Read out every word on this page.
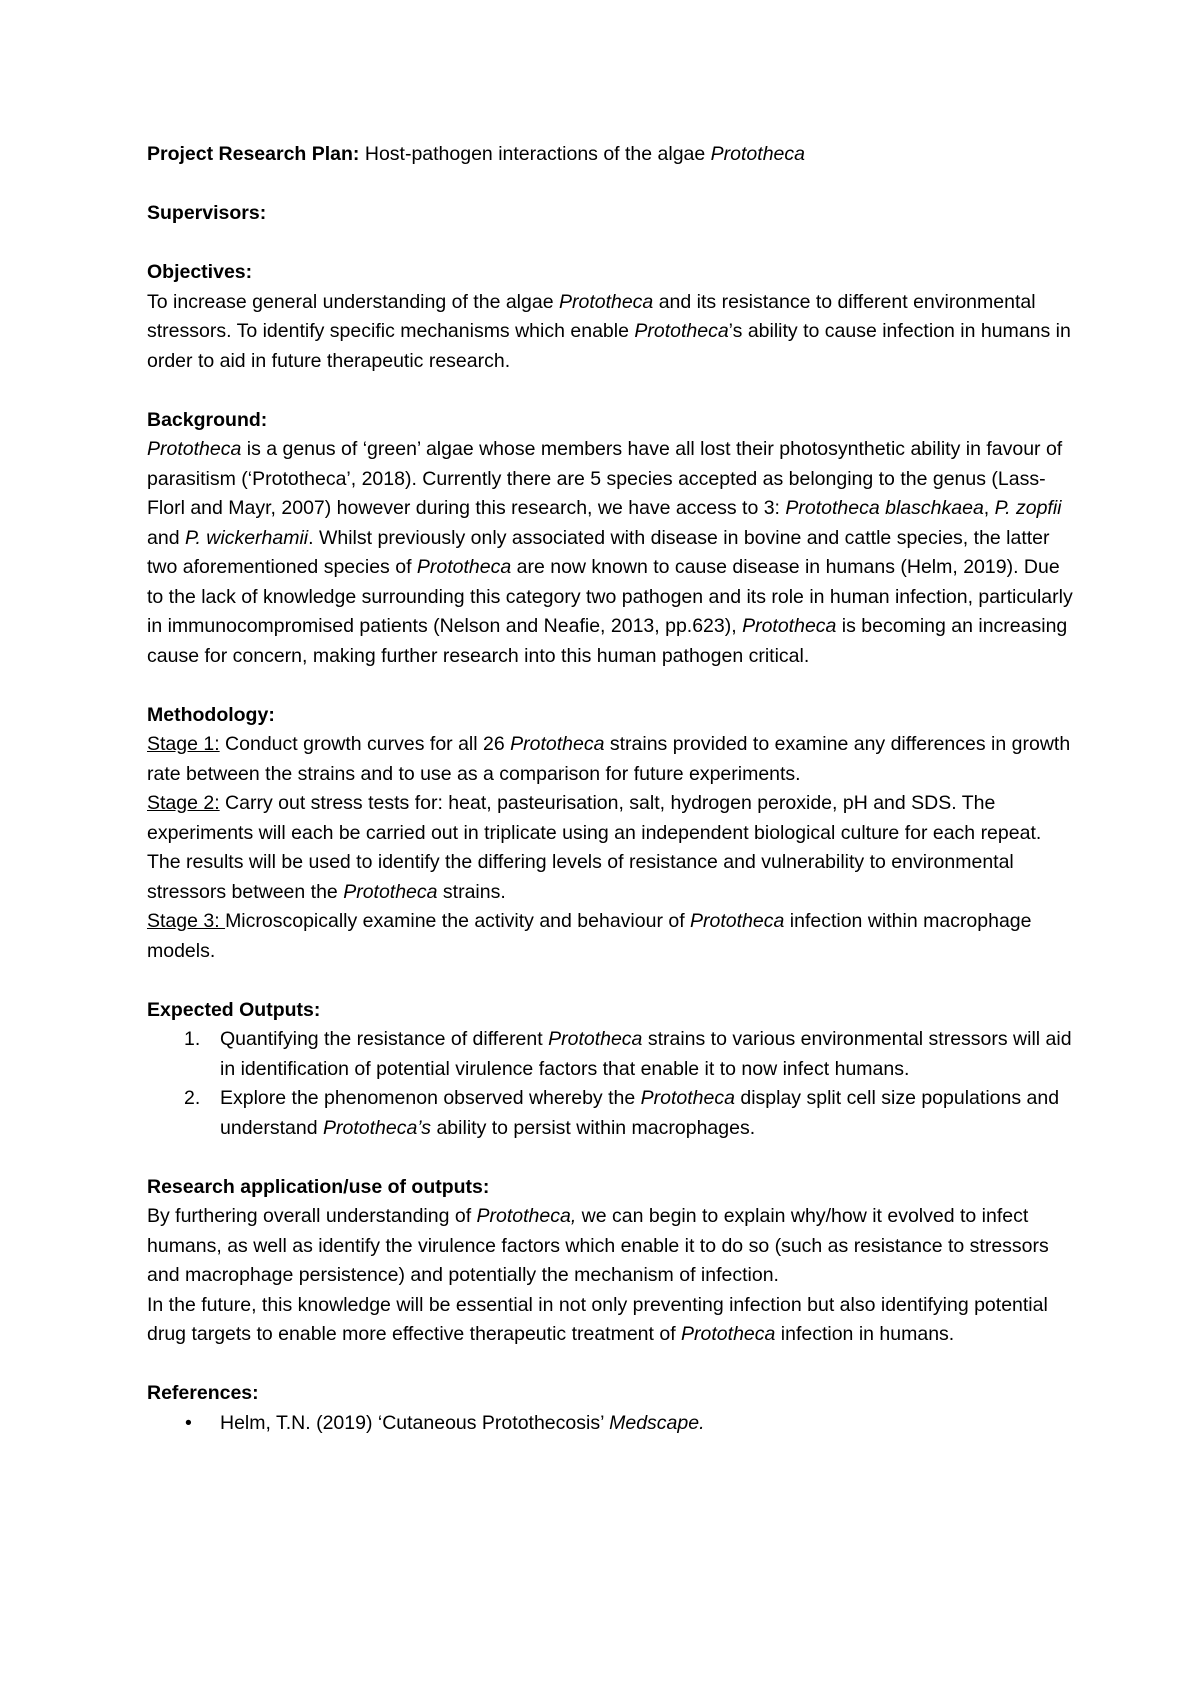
Project Research Plan: Host-pathogen interactions of the algae Prototheca

Supervisors:

Objectives:

To increase general understanding of the algae Prototheca and its resistance to different environmental stressors. To identify specific mechanisms which enable Prototheca’s ability to cause infection in humans in order to aid in future therapeutic research.

Background:

Prototheca is a genus of ‘green’ algae whose members have all lost their photosynthetic ability in favour of parasitism (‘Prototheca’, 2018). Currently there are 5 species accepted as belonging to the genus (Lass-Florl and Mayr, 2007) however during this research, we have access to 3: Prototheca blaschkaea, P. zopfii and P. wickerhamii. Whilst previously only associated with disease in bovine and cattle species, the latter two aforementioned species of Prototheca are now known to cause disease in humans (Helm, 2019). Due to the lack of knowledge surrounding this category two pathogen and its role in human infection, particularly in immunocompromised patients (Nelson and Neafie, 2013, pp.623), Prototheca is becoming an increasing cause for concern, making further research into this human pathogen critical.

Methodology:

Stage 1: Conduct growth curves for all 26 Prototheca strains provided to examine any differences in growth rate between the strains and to use as a comparison for future experiments.

Stage 2: Carry out stress tests for: heat, pasteurisation, salt, hydrogen peroxide, pH and SDS. The experiments will each be carried out in triplicate using an independent biological culture for each repeat. The results will be used to identify the differing levels of resistance and vulnerability to environmental stressors between the Prototheca strains.

Stage 3: Microscopically examine the activity and behaviour of Prototheca infection within macrophage models.

Expected Outputs:

1. Quantifying the resistance of different Prototheca strains to various environmental stressors will aid in identification of potential virulence factors that enable it to now infect humans.
2. Explore the phenomenon observed whereby the Prototheca display split cell size populations and understand Prototheca’s ability to persist within macrophages.

Research application/use of outputs:

By furthering overall understanding of Prototheca, we can begin to explain why/how it evolved to infect humans, as well as identify the virulence factors which enable it to do so (such as resistance to stressors and macrophage persistence) and potentially the mechanism of infection.

In the future, this knowledge will be essential in not only preventing infection but also identifying potential drug targets to enable more effective therapeutic treatment of Prototheca infection in humans.

References:

• Helm, T.N. (2019) ‘Cutaneous Protothecosis’ Medscape.
